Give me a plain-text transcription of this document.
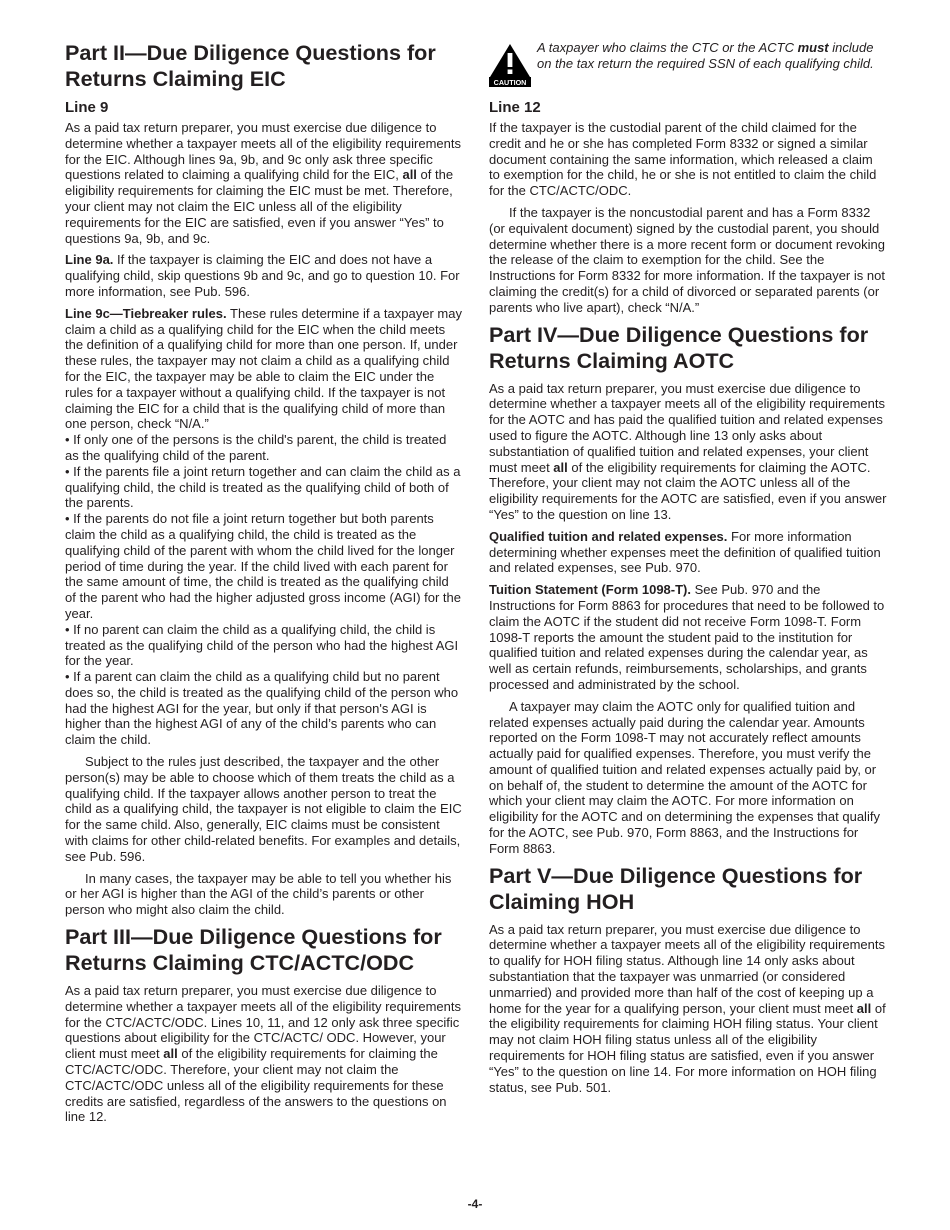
Part II—Due Diligence Questions for Returns Claiming EIC
Line 9

As a paid tax return preparer, you must exercise due diligence to determine whether a taxpayer meets all of the eligibility requirements for the EIC. Although lines 9a, 9b, and 9c only ask three specific questions related to claiming a qualifying child for the EIC, all of the eligibility requirements for claiming the EIC must be met. Therefore, your client may not claim the EIC unless all of the eligibility requirements for the EIC are satisfied, even if you answer “Yes” to questions 9a, 9b, and 9c.

Line 9a. If the taxpayer is claiming the EIC and does not have a qualifying child, skip questions 9b and 9c, and go to question 10. For more information, see Pub. 596.

Line 9c—Tiebreaker rules. These rules determine if a taxpayer may claim a child as a qualifying child for the EIC when the child meets the definition of a qualifying child for more than one person. If, under these rules, the taxpayer may not claim a child as a qualifying child for the EIC, the taxpayer may be able to claim the EIC under the rules for a taxpayer without a qualifying child. If the taxpayer is not claiming the EIC for a child that is the qualifying child of more than one person, check “N/A.”

• If only one of the persons is the child's parent, the child is treated as the qualifying child of the parent.

• If the parents file a joint return together and can claim the child as a qualifying child, the child is treated as the qualifying child of both of the parents.

• If the parents do not file a joint return together but both parents claim the child as a qualifying child, the child is treated as the qualifying child of the parent with whom the child lived for the longer period of time during the year. If the child lived with each parent for the same amount of time, the child is treated as the qualifying child of the parent who had the higher adjusted gross income (AGI) for the year.

• If no parent can claim the child as a qualifying child, the child is treated as the qualifying child of the person who had the highest AGI for the year.

• If a parent can claim the child as a qualifying child but no parent does so, the child is treated as the qualifying child of the person who had the highest AGI for the year, but only if that person's AGI is higher than the highest AGI of any of the child’s parents who can claim the child.

Subject to the rules just described, the taxpayer and the other person(s) may be able to choose which of them treats the child as a qualifying child. If the taxpayer allows another person to treat the child as a qualifying child, the taxpayer is not eligible to claim the EIC for the same child. Also, generally, EIC claims must be consistent with claims for other child-related benefits. For examples and details, see Pub. 596.

In many cases, the taxpayer may be able to tell you whether his or her AGI is higher than the AGI of the child’s parents or other person who might also claim the child.

Part III—Due Diligence Questions for Returns Claiming CTC/ACTC/ODC

As a paid tax return preparer, you must exercise due diligence to determine whether a taxpayer meets all of the eligibility requirements for the CTC/ACTC/ODC. Lines 10, 11, and 12 only ask three specific questions about eligibility for the CTC/ACTC/ ODC. However, your client must meet all of the eligibility requirements for claiming the CTC/ACTC/ODC. Therefore, your client may not claim the CTC/ACTC/ODC unless all of the eligibility requirements for these credits are satisfied, regardless of the answers to the questions on line 12.

CAUTION
A taxpayer who claims the CTC or the ACTC must include on the tax return the required SSN of each qualifying child.
Line 12

If the taxpayer is the custodial parent of the child claimed for the credit and he or she has completed Form 8332 or signed a similar document containing the same information, which released a claim to exemption for the child, he or she is not entitled to claim the child for the CTC/ACTC/ODC.

If the taxpayer is the noncustodial parent and has a Form 8332 (or equivalent document) signed by the custodial parent, you should determine whether there is a more recent form or document revoking the release of the claim to exemption for the child. See the Instructions for Form 8332 for more information. If the taxpayer is not claiming the credit(s) for a child of divorced or separated parents (or parents who live apart), check “N/A.”

Part IV—Due Diligence Questions for Returns Claiming AOTC

As a paid tax return preparer, you must exercise due diligence to determine whether a taxpayer meets all of the eligibility requirements for the AOTC and has paid the qualified tuition and related expenses used to figure the AOTC. Although line 13 only asks about substantiation of qualified tuition and related expenses, your client must meet all of the eligibility requirements for claiming the AOTC. Therefore, your client may not claim the AOTC unless all of the eligibility requirements for the AOTC are satisfied, even if you answer “Yes” to the question on line 13.

Qualified tuition and related expenses. For more information determining whether expenses meet the definition of qualified tuition and related expenses, see Pub. 970.

Tuition Statement (Form 1098-T). See Pub. 970 and the Instructions for Form 8863 for procedures that need to be followed to claim the AOTC if the student did not receive Form 1098-T. Form 1098-T reports the amount the student paid to the institution for qualified tuition and related expenses during the calendar year, as well as certain refunds, reimbursements, scholarships, and grants processed and administrated by the school.

A taxpayer may claim the AOTC only for qualified tuition and related expenses actually paid during the calendar year. Amounts reported on the Form 1098-T may not accurately reflect amounts actually paid for qualified expenses. Therefore, you must verify the amount of qualified tuition and related expenses actually paid by, or on behalf of, the student to determine the amount of the AOTC for which your client may claim the AOTC. For more information on eligibility for the AOTC and on determining the expenses that qualify for the AOTC, see Pub. 970, Form 8863, and the Instructions for Form 8863.

Part V—Due Diligence Questions for Claiming HOH

As a paid tax return preparer, you must exercise due diligence to determine whether a taxpayer meets all of the eligibility requirements to qualify for HOH filing status. Although line 14 only asks about substantiation that the taxpayer was unmarried (or considered unmarried) and provided more than half of the cost of keeping up a home for the year for a qualifying person, your client must meet all of the eligibility requirements for claiming HOH filing status. Your client may not claim HOH filing status unless all of the eligibility requirements for HOH filing status are satisfied, even if you answer “Yes” to the question on line 14. For more information on HOH filing status, see Pub. 501.

-4-
